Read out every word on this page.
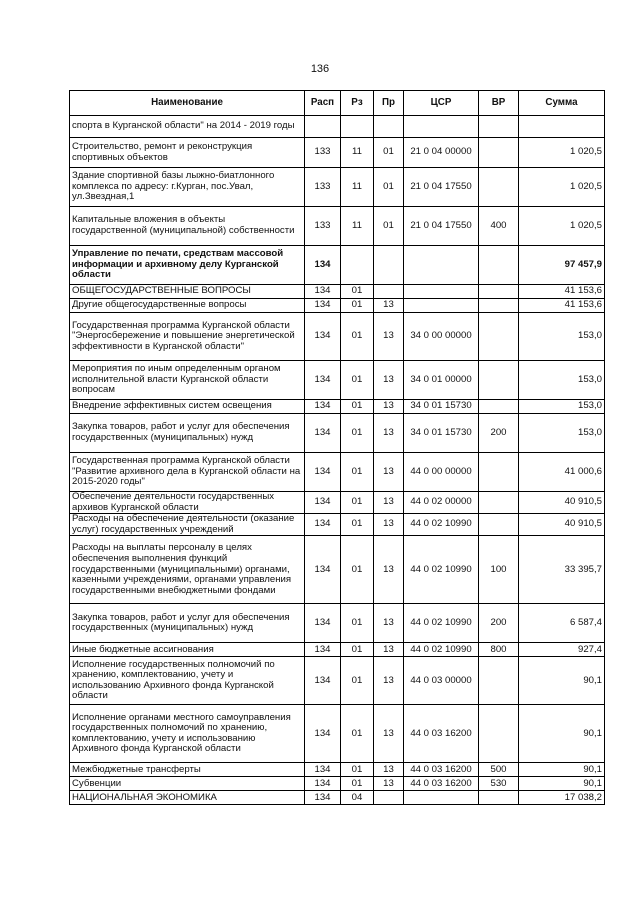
136
Наименование	Расп	Рз	Пр	ЦСР	ВР	Сумма
спорта в Курганской области" на 2014 - 2019 годы						
Строительство, ремонт и реконструкция спортивных объектов	133	11	01	21 0 04 00000		1 020,5
Здание спортивной базы лыжно-биатлонного комплекса по адресу: г.Курган, пос.Увал, ул.Звездная,1	133	11	01	21 0 04 17550		1 020,5
Капитальные вложения в объекты государственной (муниципальной) собственности	133	11	01	21 0 04 17550	400	1 020,5
Управление по печати, средствам массовой информации и архивному делу Курганской области	134					97 457,9
ОБЩЕГОСУДАРСТВЕННЫЕ ВОПРОСЫ	134	01				41 153,6
Другие общегосударственные вопросы	134	01	13			41 153,6
Государственная программа Курганской области "Энергосбережение и повышение энергетической эффективности в Курганской области"	134	01	13	34 0 00 00000		153,0
Мероприятия по иным определенным органом исполнительной власти Курганской области вопросам	134	01	13	34 0 01 00000		153,0
Внедрение эффективных систем освещения	134	01	13	34 0 01 15730		153,0
Закупка товаров, работ и услуг для обеспечения государственных (муниципальных) нужд	134	01	13	34 0 01 15730	200	153,0
Государственная программа Курганской области "Развитие архивного дела в Курганской области на 2015-2020 годы"	134	01	13	44 0 00 00000		41 000,6
Обеспечение деятельности государственных архивов Курганской области	134	01	13	44 0 02 00000		40 910,5
Расходы на обеспечение деятельности (оказание услуг) государственных учреждений	134	01	13	44 0 02 10990		40 910,5
Расходы на выплаты персоналу в целях обеспечения выполнения функций государственными (муниципальными) органами, казенными учреждениями, органами управления государственными внебюджетными фондами	134	01	13	44 0 02 10990	100	33 395,7
Закупка товаров, работ и услуг для обеспечения государственных (муниципальных) нужд	134	01	13	44 0 02 10990	200	6 587,4
Иные бюджетные ассигнования	134	01	13	44 0 02 10990	800	927,4
Исполнение государственных полномочий по хранению, комплектованию, учету и использованию Архивного фонда Курганской области	134	01	13	44 0 03 00000		90,1
Исполнение органами местного самоуправления государственных полномочий по хранению, комплектованию, учету и использованию Архивного фонда Курганской области	134	01	13	44 0 03 16200		90,1
Межбюджетные трансферты	134	01	13	44 0 03 16200	500	90,1
Субвенции	134	01	13	44 0 03 16200	530	90,1
НАЦИОНАЛЬНАЯ ЭКОНОМИКА	134	04				17 038,2
